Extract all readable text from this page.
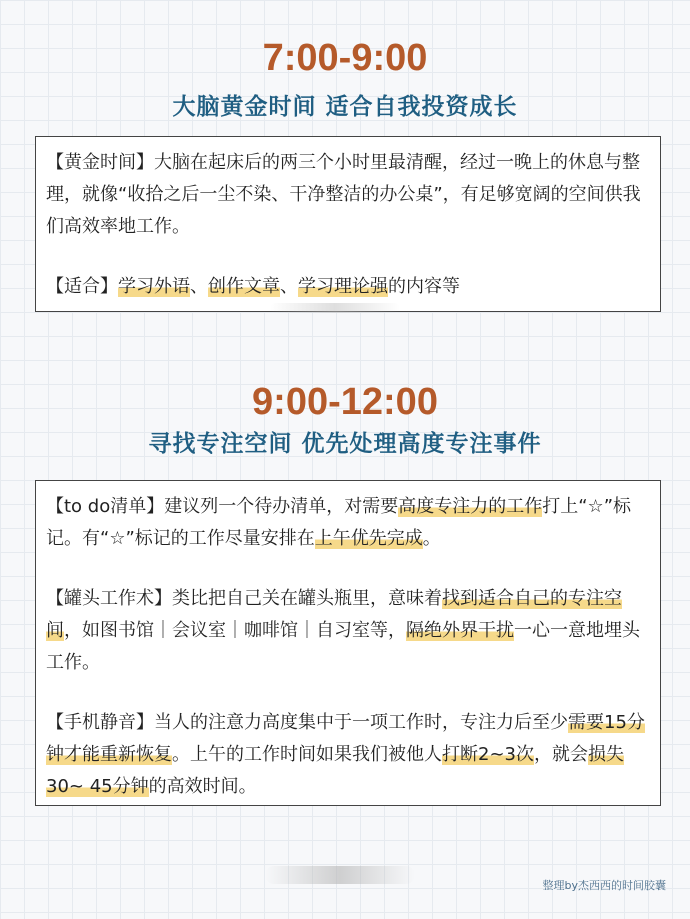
7:00-9:00
大脑黄金时间 适合自我投资成长

【黄金时间】大脑在起床后的两三个小时里最清醒，经过一晚上的休息与整理，就像“收拾之后一尘不染、干净整洁的办公桌”，有足够宽阔的空间供我们高效率地工作。

【适合】学习外语、创作文章、学习理论强的内容等

9:00-12:00
寻找专注空间 优先处理高度专注事件

【to do清单】建议列一个待办清单，对需要高度专注力的工作打上“☆”标记。有“☆”标记的工作尽量安排在上午优先完成。

【罐头工作术】类比把自己关在罐头瓶里，意味着找到适合自己的专注空间，如图书馆｜会议室｜咖啡馆｜自习室等，隔绝外界干扰一心一意地埋头工作。

【手机静音】当人的注意力高度集中于一项工作时，专注力后至少需要15分钟才能重新恢复。上午的工作时间如果我们被他人打断2~3次，就会损失30~ 45分钟的高效时间。

整理by杰西西的时间胶囊
